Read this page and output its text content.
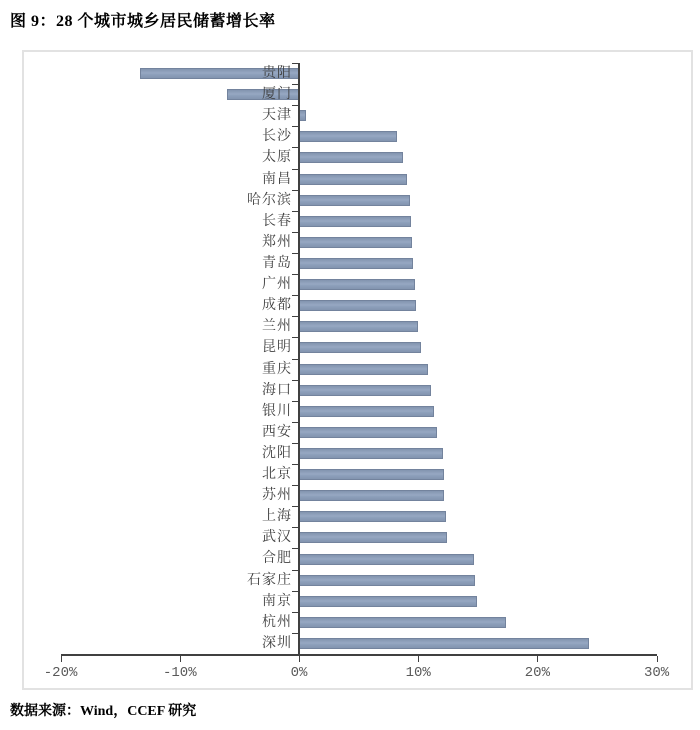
图 9：28 个城市城乡居民储蓄增长率
贵阳
厦门
天津
长沙
太原
南昌
哈尔滨
长春
郑州
青岛
广州
成都
兰州
昆明
重庆
海口
银川
西安
沈阳
北京
苏州
上海
武汉
合肥
石家庄
南京
杭州
深圳
-20%	-10%	0%	10%	20%	30%
数据来源：Wind，CCEF 研究
